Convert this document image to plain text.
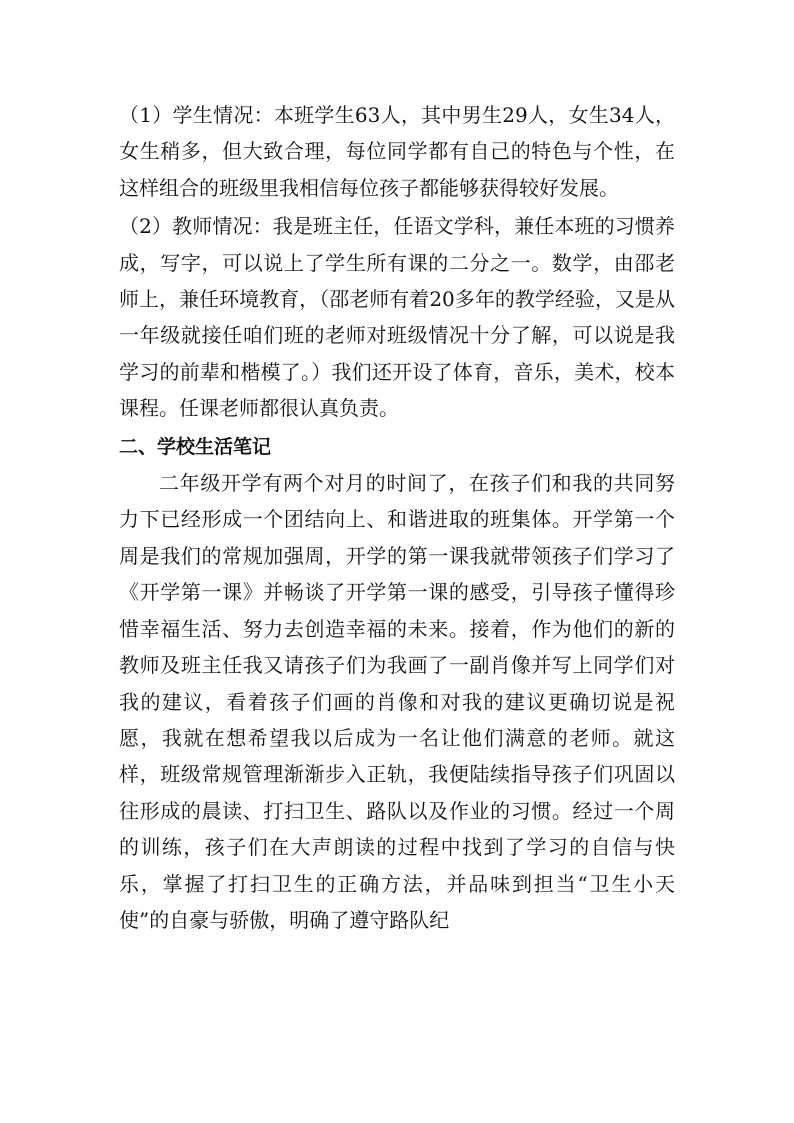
（1）学生情况：本班学生63人，其中男生29人，女生34人，女生稍多，但大致合理，每位同学都有自己的特色与个性，在这样组合的班级里我相信每位孩子都能够获得较好发展。

（2）教师情况：我是班主任，任语文学科，兼任本班的习惯养成，写字，可以说上了学生所有课的二分之一。数学，由邵老师上，兼任环境教育，（邵老师有着20多年的教学经验，又是从一年级就接任咱们班的老师对班级情况十分了解，可以说是我学习的前辈和楷模了。）我们还开设了体育，音乐，美术，校本课程。任课老师都很认真负责。

二、学校生活笔记

二年级开学有两个对月的时间了，在孩子们和我的共同努力下已经形成一个团结向上、和谐进取的班集体。开学第一个周是我们的常规加强周，开学的第一课我就带领孩子们学习了《开学第一课》并畅谈了开学第一课的感受，引导孩子懂得珍惜幸福生活、努力去创造幸福的未来。接着，作为他们的新的教师及班主任我又请孩子们为我画了一副肖像并写上同学们对我的建议，看着孩子们画的肖像和对我的建议更确切说是祝愿，我就在想希望我以后成为一名让他们满意的老师。就这样，班级常规管理渐渐步入正轨，我便陆续指导孩子们巩固以往形成的晨读、打扫卫生、路队以及作业的习惯。经过一个周的训练，孩子们在大声朗读的过程中找到了学习的自信与快乐，掌握了打扫卫生的正确方法，并品味到担当“卫生小天使”的自豪与骄傲，明确了遵守路队纪
